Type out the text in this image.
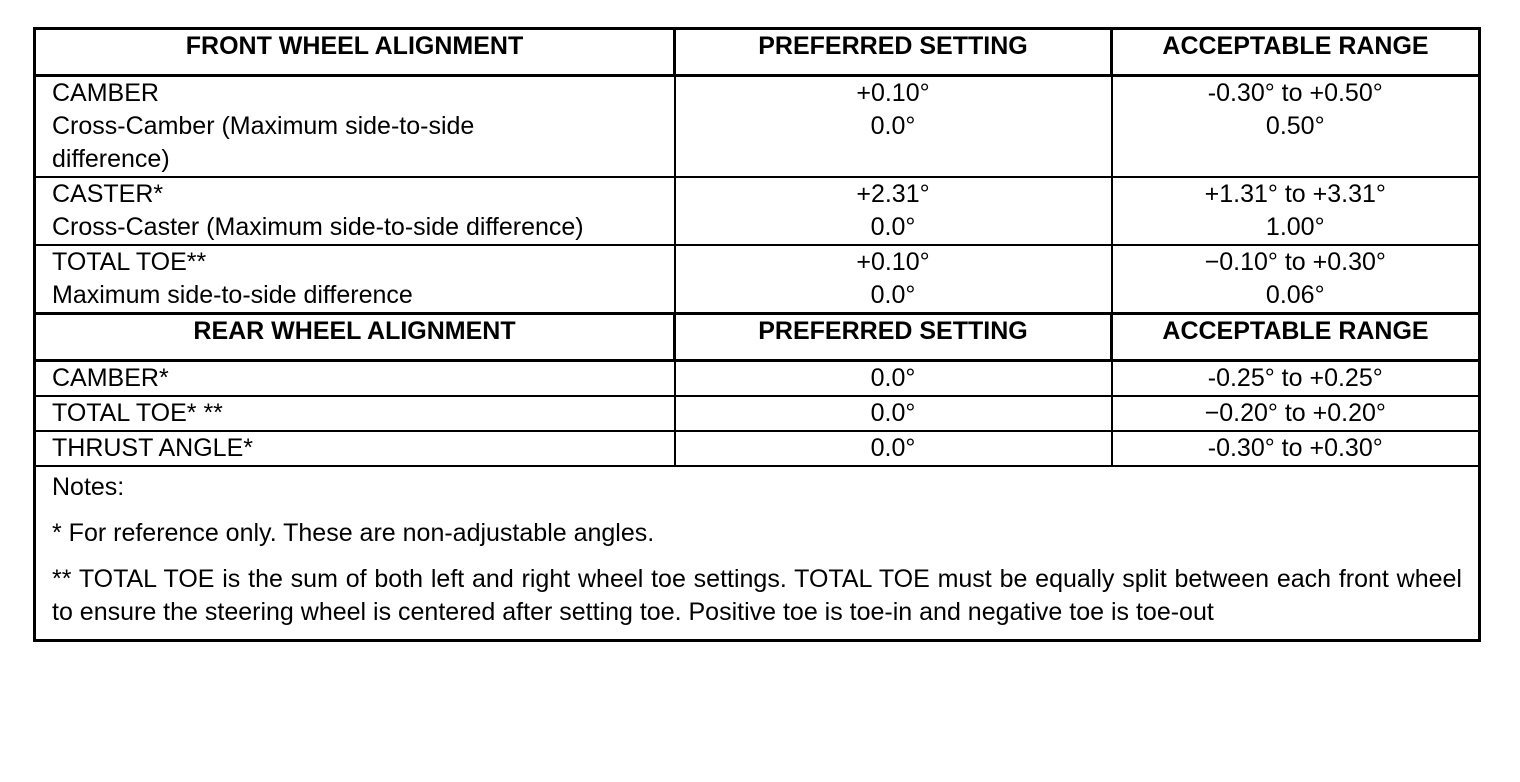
FRONT WHEEL ALIGNMENT	PREFERRED SETTING	ACCEPTABLE RANGE
CAMBER	+0.10°	-0.30° to +0.50°
Cross-Camber (Maximum side-to-side difference)	0.0°	0.50°
CASTER*	+2.31°	+1.31° to +3.31°
Cross-Caster (Maximum side-to-side difference)	0.0°	1.00°
TOTAL TOE**	+0.10°	−0.10° to +0.30°
Maximum side-to-side difference	0.0°	0.06°
REAR WHEEL ALIGNMENT	PREFERRED SETTING	ACCEPTABLE RANGE
CAMBER*	0.0°	-0.25° to +0.25°
TOTAL TOE* **	0.0°	−0.20° to +0.20°
THRUST ANGLE*	0.0°	-0.30° to +0.30°

Notes:

* For reference only. These are non-adjustable angles.

** TOTAL TOE is the sum of both left and right wheel toe settings. TOTAL TOE must be equally split between each front wheel to ensure the steering wheel is centered after setting toe. Positive toe is toe-in and negative toe is toe-out		
